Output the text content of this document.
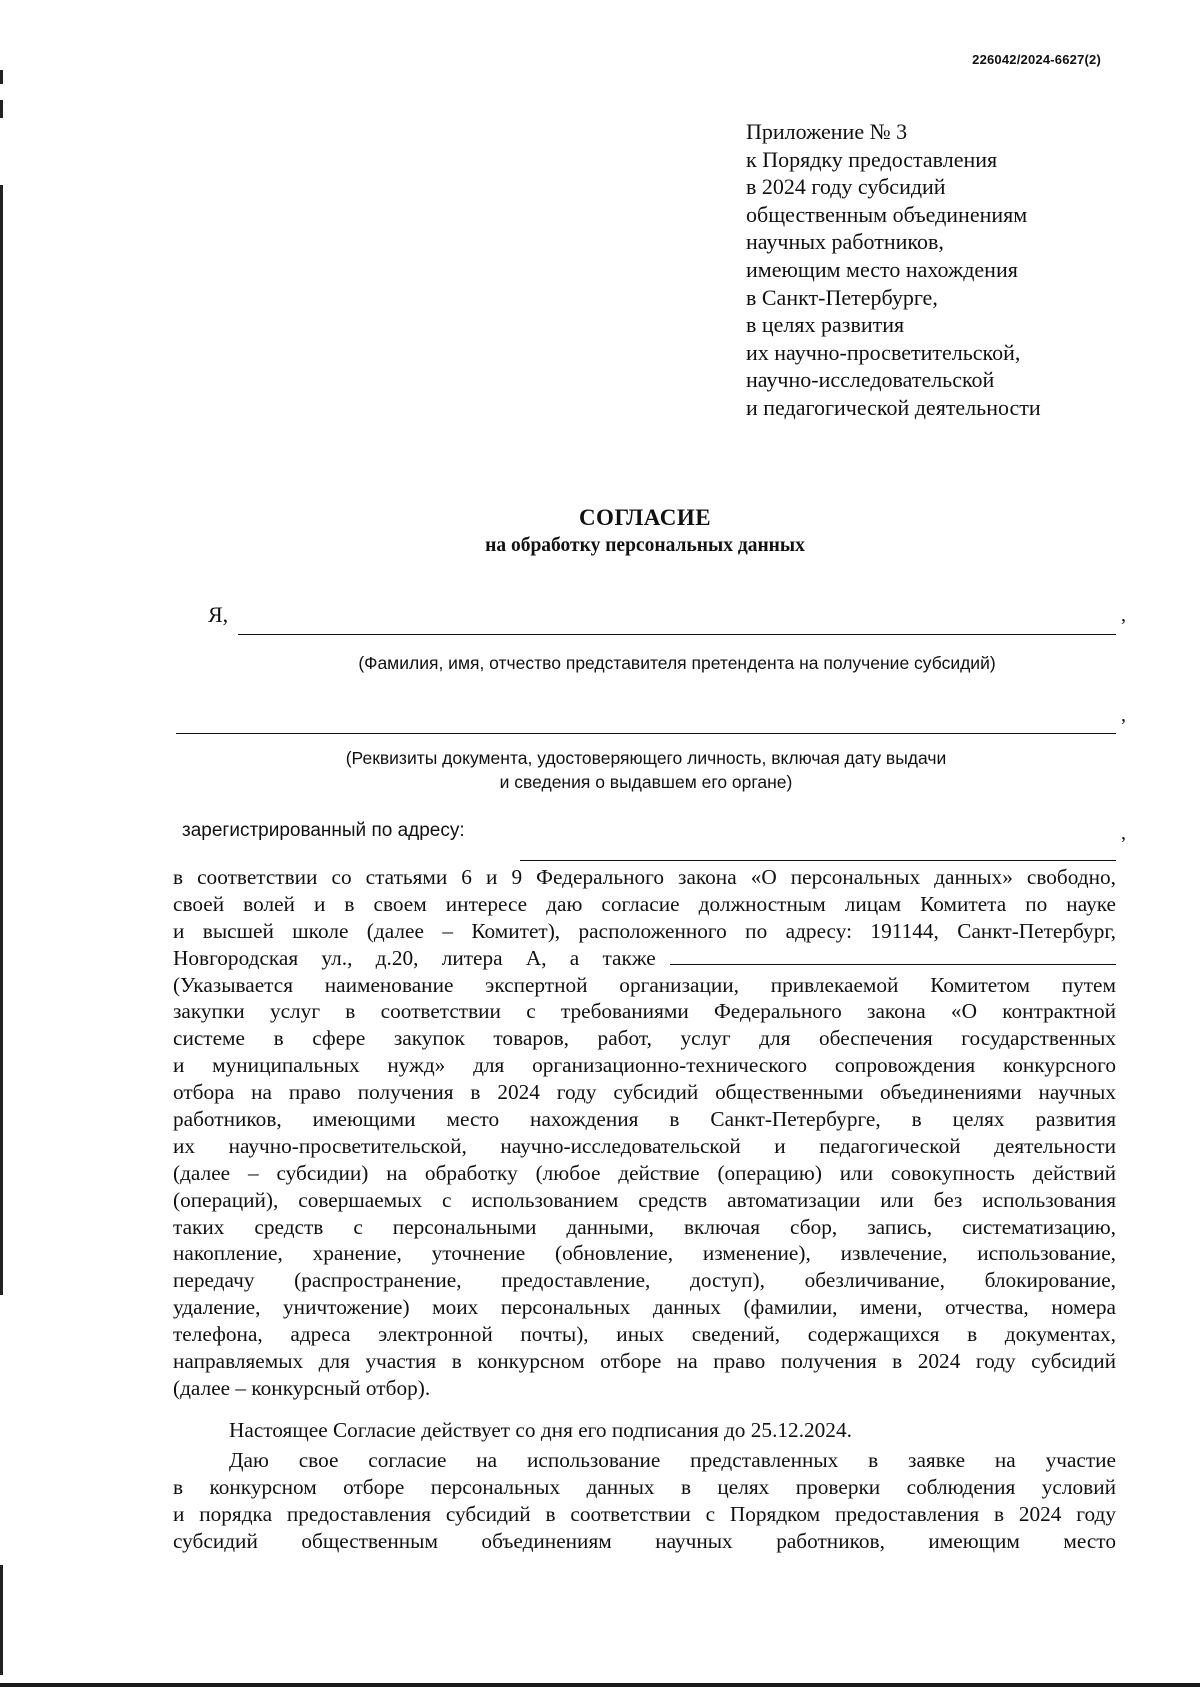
226042/2024-6627(2)
Приложение № 3
к Порядку предоставления
в 2024 году субсидий
общественным объединениям
научных работников,
имеющим место нахождения
в Санкт-Петербурге,
в целях развития
их научно-просветительской,
научно-исследовательской
и педагогической деятельности
СОГЛАСИЕ
на обработку персональных данных
Я,	,
(Фамилия, имя, отчество представителя претендента на получение субсидий)
,
(Реквизиты документа, удостоверяющего личность, включая дату выдачи
и сведения о выдавшем его органе)
зарегистрированный по адресу:	,
в соответствии со статьями 6 и 9 Федерального закона «О персональных данных» свободно,
своей волей и в своем интересе даю согласие должностным лицам Комитета по науке
и высшей школе (далее – Комитет), расположенного по адресу: 191144, Санкт-Петербург,
Новгородская ул., д.20, литера А, а также
(Указывается наименование экспертной организации, привлекаемой Комитетом путем
закупки услуг в соответствии с требованиями Федерального закона «О контрактной
системе в сфере закупок товаров, работ, услуг для обеспечения государственных
и муниципальных нужд» для организационно-технического сопровождения конкурсного
отбора на право получения в 2024 году субсидий общественными объединениями научных
работников, имеющими место нахождения в Санкт-Петербурге, в целях развития
их научно-просветительской, научно-исследовательской и педагогической деятельности
(далее – субсидии) на обработку (любое действие (операцию) или совокупность действий
(операций), совершаемых с использованием средств автоматизации или без использования
таких средств с персональными данными, включая сбор, запись, систематизацию,
накопление, хранение, уточнение (обновление, изменение), извлечение, использование,
передачу (распространение, предоставление, доступ), обезличивание, блокирование,
удаление, уничтожение) моих персональных данных (фамилии, имени, отчества, номера
телефона, адреса электронной почты), иных сведений, содержащихся в документах,
направляемых для участия в конкурсном отборе на право получения в 2024 году субсидий
(далее – конкурсный отбор).
Настоящее Согласие действует со дня его подписания до 25.12.2024.
Даю свое согласие на использование представленных в заявке на участие
в конкурсном отборе персональных данных в целях проверки соблюдения условий
и порядка предоставления субсидий в соответствии с Порядком предоставления в 2024 году
субсидий общественным объединениям научных работников, имеющим место
